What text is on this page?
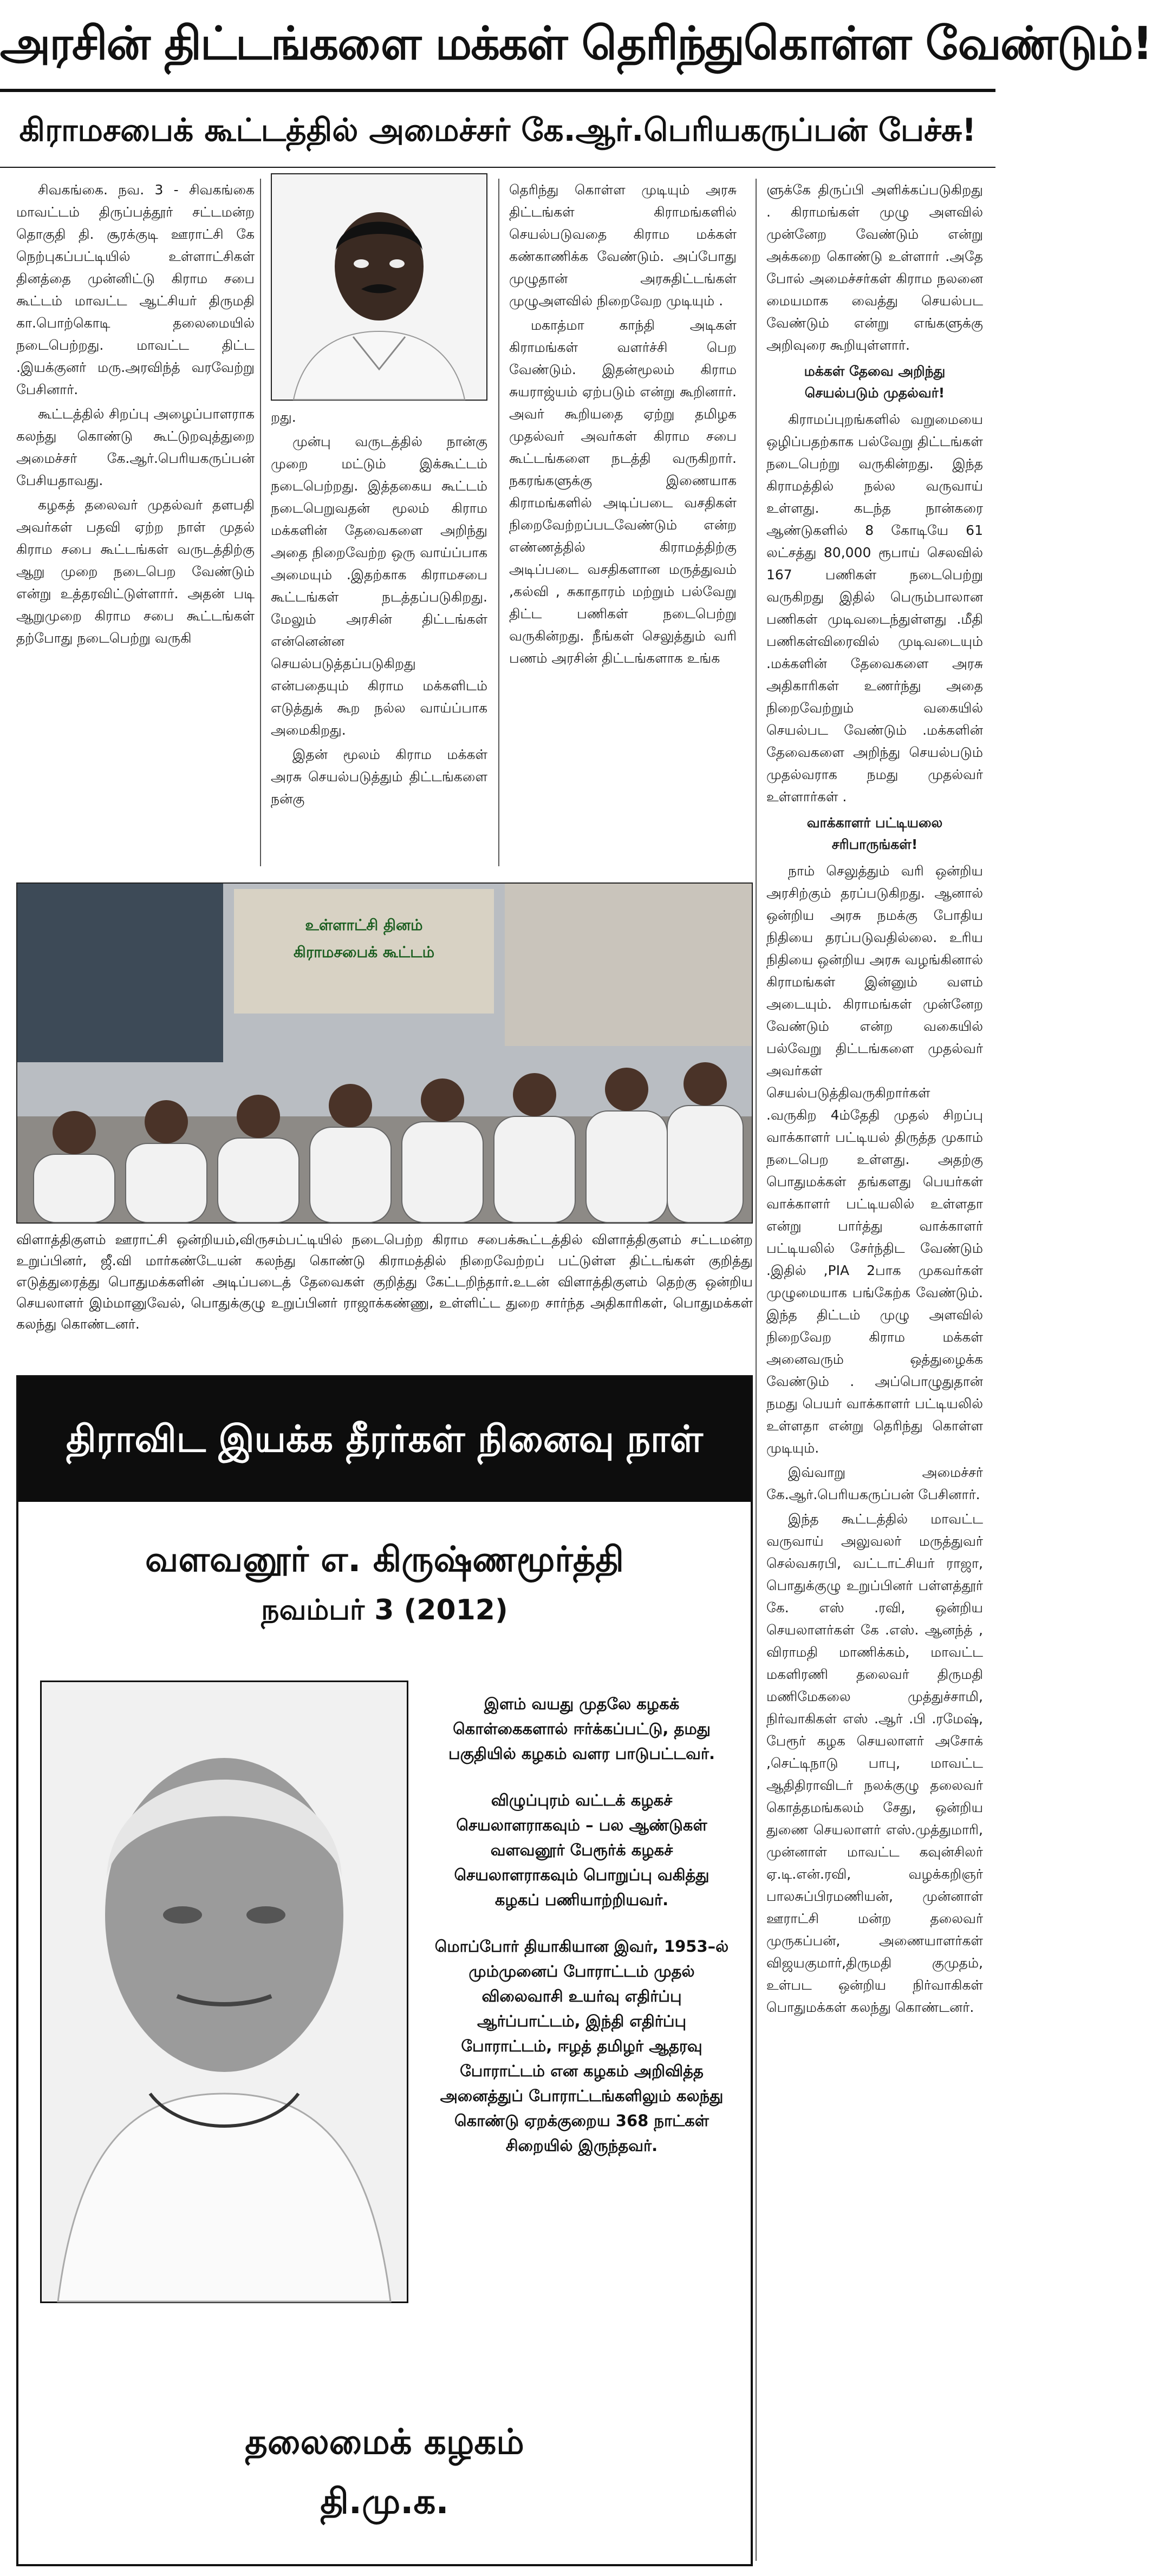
அரசின் திட்டங்களை மக்கள் தெரிந்துகொள்ள வேண்டும்!
கிராமசபைக் கூட்டத்தில் அமைச்சர் கே.ஆர்.பெரியகருப்பன் பேச்சு!

சிவகங்கை. நவ. 3 - சிவகங்கை மாவட்டம் திருப்பத்தூர் சட்டமன்ற தொகுதி தி. சூரக்குடி ஊராட்சி கே நெற்புகப்பட்டியில் உள்ளாட்சிகள் தினத்தை முன்னிட்டு கிராம சபை கூட்டம் மாவட்ட ஆட்சியர் திருமதி கா.பொற்கொடி தலைமையில் நடைபெற்றது. மாவட்ட திட்ட .இயக்குனர் மரு.அரவிந்த் வரவேற்று பேசினார்.

கூட்டத்தில் சிறப்பு அழைப்பாளராக கலந்து கொண்டு கூட்டுறவுத்துறை அமைச்சர் கே.ஆர்.பெரியகருப்பன் பேசியதாவது.

கழகத் தலைவர் முதல்வர் தளபதி அவர்கள் பதவி ஏற்ற நாள் முதல் கிராம சபை கூட்டங்கள் வருடத்திற்கு ஆறு முறை நடைபெற வேண்டும் என்று உத்தரவிட்டுள்ளார். அதன் படி ஆறுமுறை கிராம சபை கூட்டங்கள் தற்போது நடைபெற்று வருகி

றது.

முன்பு வருடத்தில் நான்கு முறை மட்டும் இக்கூட்டம் நடைபெற்றது. இத்தகைய கூட்டம் நடைபெறுவதன் மூலம் கிராம மக்களின் தேவைகளை அறிந்து அதை நிறைவேற்ற ஒரு வாய்ப்பாக அமையும் .இதற்காக கிராமசபை கூட்டங்கள் நடத்தப்படுகிறது. மேலும் அரசின் திட்டங்கள் என்னென்ன செயல்படுத்தப்படுகிறது என்பதையும் கிராம மக்களிடம் எடுத்துக் கூற நல்ல வாய்ப்பாக அமைகிறது.

இதன் மூலம் கிராம மக்கள் அரசு செயல்படுத்தும் திட்டங்களை நன்கு

தெரிந்து கொள்ள முடியும் அரசு திட்டங்கள் கிராமங்களில் செயல்படுவதை கிராம மக்கள் கண்காணிக்க வேண்டும். அப்போது முழுதான் அரசுதிட்டங்கள் முழுஅளவில் நிறைவேற முடியும் .

மகாத்மா காந்தி அடிகள் கிராமங்கள் வளர்ச்சி பெற வேண்டும். இதன்மூலம் கிராம சுயராஜ்யம் ஏற்படும் என்று கூறினார். அவர் கூறியதை ஏற்று தமிழக முதல்வர் அவர்கள் கிராம சபை கூட்டங்களை நடத்தி வருகிறார். நகரங்களுக்கு இணையாக கிராமங்களில் அடிப்படை வசதிகள் நிறைவேற்றப்படவேண்டும் என்ற எண்ணத்தில் கிராமத்திற்கு அடிப்படை வசதிகளான மருத்துவம் ,கல்வி , சுகாதாரம் மற்றும் பல்வேறு திட்ட பணிகள் நடைபெற்று வருகின்றது. நீங்கள் செலுத்தும் வரி பணம் அரசின் திட்டங்களாக உங்க

ளுக்கே திருப்பி அளிக்கப்படுகிறது . கிராமங்கள் முழு அளவில் முன்னேற வேண்டும் என்று அக்கறை கொண்டு உள்ளார் .அதே போல் அமைச்சர்கள் கிராம நலனை மையமாக வைத்து செயல்பட வேண்டும் என்று எங்களுக்கு அறிவுரை கூறியுள்ளார்.

மக்கள் தேவை அறிந்து செயல்படும் முதல்வர்!

கிராமப்புறங்களில் வறுமையை ஒழிப்பதற்காக பல்வேறு திட்டங்கள் நடைபெற்று வருகின்றது. இந்த கிராமத்தில் நல்ல வருவாய் உள்ளது. கடந்த நான்கரை ஆண்டுகளில் 8 கோடியே 61 லட்சத்து 80,000 ரூபாய் செலவில் 167 பணிகள் நடைபெற்று வருகிறது இதில் பெரும்பாலான பணிகள் முடிவடைந்துள்ளது .மீதி பணிகள்விரைவில் முடிவடையும் .மக்களின் தேவைகளை அரசு அதிகாரிகள் உணர்ந்து அதை நிறைவேற்றும் வகையில் செயல்பட வேண்டும் .மக்களின் தேவைகளை அறிந்து செயல்படும் முதல்வராக நமது முதல்வர் உள்ளார்கள் .

வாக்காளர் பட்டியலை சரிபாருங்கள்!

நாம் செலுத்தும் வரி ஒன்றிய அரசிற்கும் தரப்படுகிறது. ஆனால் ஒன்றிய அரசு நமக்கு போதிய நிதியை தரப்படுவதில்லை. உரிய நிதியை ஒன்றிய அரசு வழங்கினால் கிராமங்கள் இன்னும் வளம் அடையும். கிராமங்கள் முன்னேற வேண்டும் என்ற வகையில் பல்வேறு திட்டங்களை முதல்வர் அவர்கள் செயல்படுத்திவருகிறார்கள் .வருகிற 4ம்தேதி முதல் சிறப்பு வாக்காளர் பட்டியல் திருத்த முகாம் நடைபெற உள்ளது. அதற்கு பொதுமக்கள் தங்களது பெயர்கள் வாக்காளர் பட்டியலில் உள்ளதா என்று பார்த்து வாக்காளர் பட்டியலில் சேர்ந்திட வேண்டும் .இதில் ,PIA 2பாக முகவர்கள் முழுமையாக பங்கேற்க வேண்டும். இந்த திட்டம் முழு அளவில் நிறைவேற கிராம மக்கள் அனைவரும் ஒத்துழைக்க வேண்டும் . அப்பொழுதுதான் நமது பெயர் வாக்காளர் பட்டியலில் உள்ளதா என்று தெரிந்து கொள்ள முடியும்.

இவ்வாறு அமைச்சர் கே.ஆர்.பெரியகருப்பன் பேசினார்.

இந்த கூட்டத்தில் மாவட்ட வருவாய் அலுவலர் மருத்துவர் செல்வசுரபி, வட்டாட்சியர் ராஜா, பொதுக்குழு உறுப்பினர் பள்ளத்தூர் கே. எஸ் .ரவி, ஒன்றிய செயலாளர்கள் கே .எஸ். ஆனந்த் , விராமதி மாணிக்கம், மாவட்ட மகளிரணி தலைவர் திருமதி மணிமேகலை முத்துச்சாமி, நிர்வாகிகள் எஸ் .ஆர் .பி .ரமேஷ், பேரூர் கழக செயலாளர் அசோக் ,செட்டிநாடு பாபு, மாவட்ட ஆதிதிராவிடர் நலக்குழு தலைவர் கொத்தமங்கலம் சேது, ஒன்றிய துணை செயலாளர் எஸ்.முத்துமாரி, முன்னாள் மாவட்ட கவுன்சிலர் ஏ.டி.என்.ரவி, வழக்கறிஞர் பாலசுப்பிரமணியன், முன்னாள் ஊராட்சி மன்ற தலைவர் முருகப்பன், அணையாளர்கள் விஜயகுமார்,திருமதி குமுதம், உள்பட ஒன்றிய நிர்வாகிகள் பொதுமக்கள் கலந்து கொண்டனர்.

உள்ளாட்சி தினம்
கிராமசபைக் கூட்டம்
விளாத்திகுளம் ஊராட்சி ஒன்றியம்,விருசம்பட்டியில் நடைபெற்ற கிராம சபைக்கூட்டத்தில் விளாத்திகுளம் சட்டமன்ற உறுப்பினர், ஜீ.வி மார்கண்டேயன் கலந்து கொண்டு கிராமத்தில் நிறைவேற்றப் பட்டுள்ள திட்டங்கள் குறித்து எடுத்துரைத்து பொதுமக்களின் அடிப்படைத் தேவைகள் குறித்து கேட்டறிந்தார்.உடன் விளாத்திகுளம் தெற்கு ஒன்றிய செயலாளர் இம்மானுவேல், பொதுக்குழு உறுப்பினர் ராஜாக்கண்ணு, உள்ளிட்ட துறை சார்ந்த அதிகாரிகள், பொதுமக்கள் கலந்து கொண்டனர்.
திராவிட இயக்க தீரர்கள் நினைவு நாள்
வளவனூர் எ. கிருஷ்ணமூர்த்தி
நவம்பர் 3 (2012)

இளம் வயது முதலே கழகக் கொள்கைகளால் ஈர்க்கப்பட்டு, தமது பகுதியில் கழகம் வளர பாடுபட்டவர்.

விழுப்புரம் வட்டக் கழகச் செயலாளராகவும் – பல ஆண்டுகள் வளவனூர் பேரூர்க் கழகச் செயலாளராகவும் பொறுப்பு வகித்து கழகப் பணியாற்றியவர்.

மொப்போர் தியாகியான இவர், 1953–ல் மும்முனைப் போராட்டம் முதல் விலைவாசி உயர்வு எதிர்ப்பு ஆர்ப்பாட்டம், இந்தி எதிர்ப்பு போராட்டம், ஈழத் தமிழர் ஆதரவு போராட்டம் என கழகம் அறிவித்த அனைத்துப் போராட்டங்களிலும் கலந்து கொண்டு ஏறக்குறைய 368 நாட்கள் சிறையில் இருந்தவர்.

தலைமைக் கழகம்
தி.மு.க.
